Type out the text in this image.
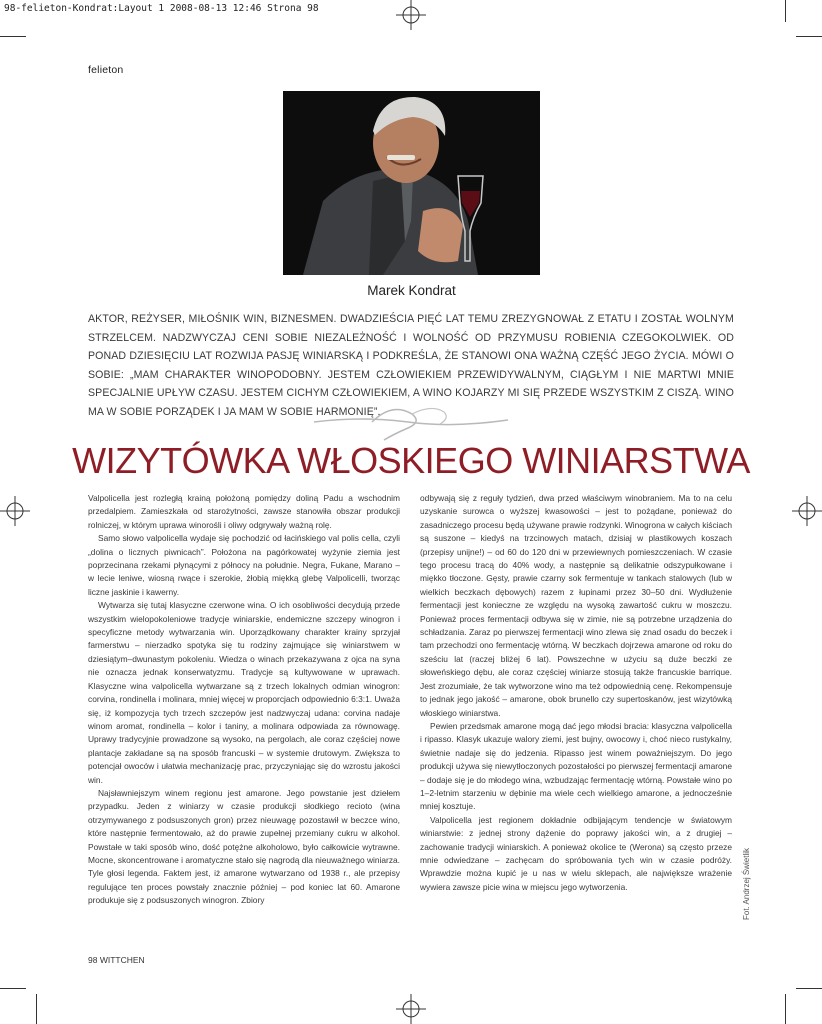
98-felieton-Kondrat:Layout 1 2008-08-13 12:46 Strona 98
felieton
Marek Kondrat
AKTOR, REŻYSER, MIŁOŚNIK WIN, BIZNESMEN. DWADZIEŚCIA PIĘĆ LAT TEMU ZREZYGNOWAŁ Z ETATU I ZOSTAŁ WOLNYM STRZELCEM. NADZWYCZAJ CENI SOBIE NIEZALEŻNOŚĆ I WOLNOŚĆ OD PRZYMUSU ROBIENIA CZEGOKOLWIEK. OD PONAD DZIESIĘCIU LAT ROZWIJA PASJĘ WINIARSKĄ I PODKREŚLA, ŻE STANOWI ONA WAŻNĄ CZĘŚĆ JEGO ŻYCIA. MÓWI O SOBIE: „MAM CHARAKTER WINOPODOBNY. JESTEM CZŁOWIEKIEM PRZEWIDYWALNYM, CIĄGŁYM I NIE MARTWI MNIE SPECJALNIE UPŁYW CZASU. JESTEM CICHYM CZŁOWIEKIEM, A WINO KOJARZY MI SIĘ PRZEDE WSZYSTKIM Z CISZĄ. WINO MA W SOBIE PORZĄDEK I JA MAM W SOBIE HARMONIĘ”.
WIZYTÓWKA WŁOSKIEGO WINIARSTWA

Valpolicella jest rozległą krainą położoną pomiędzy doliną Padu a wschodnim przedalpiem. Zamieszkała od starożytności, zawsze stanowiła obszar produkcji rolniczej, w którym uprawa winorośli i oliwy odgrywały ważną rolę.

Samo słowo valpolicella wydaje się pochodzić od łacińskiego val polis cella, czyli „dolina o licznych piwnicach”. Położona na pagórkowatej wyżynie ziemia jest poprzecinana rzekami płynącymi z północy na południe. Negra, Fukane, Marano – w lecie leniwe, wiosną rwące i szerokie, żłobią miękką glebę Valpolicelli, tworząc liczne jaskinie i kawerny.

Wytwarza się tutaj klasyczne czerwone wina. O ich osobliwości decydują przede wszystkim wielopokoleniowe tradycje winiarskie, endemiczne szczepy winogron i specyficzne metody wytwarzania win. Uporządkowany charakter krainy sprzyjał farmerstwu – nierzadko spotyka się tu rodziny zajmujące się winiarstwem w dziesiątym–dwunastym pokoleniu. Wiedza o winach przekazywana z ojca na syna nie oznacza jednak konserwatyzmu. Tradycje są kultywowane w uprawach. Klasyczne wina valpolicella wytwarzane są z trzech lokalnych odmian winogron: corvina, rondinella i molinara, mniej więcej w proporcjach odpowiednio 6:3:1. Uważa się, iż kompozycja tych trzech szczepów jest nadzwyczaj udana: corvina nadaje winom aromat, rondinella – kolor i taniny, a molinara odpowiada za równowagę. Uprawy tradycyjnie prowadzone są wysoko, na pergolach, ale coraz częściej nowe plantacje zakładane są na sposób francuski – w systemie drutowym. Zwiększa to potencjał owoców i ułatwia mechanizację prac, przyczyniając się do wzrostu jakości win.

Najsławniejszym winem regionu jest amarone. Jego powstanie jest dziełem przypadku. Jeden z winiarzy w czasie produkcji słodkiego recioto (wina otrzymywanego z podsuszonych gron) przez nieuwagę pozostawił w beczce wino, które następnie fermentowało, aż do prawie zupełnej przemiany cukru w alkohol. Powstałe w taki sposób wino, dość potężne alkoholowo, było całkowicie wytrawne. Mocne, skoncentrowane i aromatyczne stało się nagrodą dla nieuważnego winiarza. Tyle głosi legenda. Faktem jest, iż amarone wytwarzano od 1938 r., ale przepisy regulujące ten proces powstały znacznie później – pod koniec lat 60. Amarone produkuje się z podsuszonych winogron. Zbiory

odbywają się z reguły tydzień, dwa przed właściwym winobraniem. Ma to na celu uzyskanie surowca o wyższej kwasowości – jest to pożądane, ponieważ do zasadniczego procesu będą używane prawie rodzynki. Winogrona w całych kiściach są suszone – kiedyś na trzcinowych matach, dzisiaj w plastikowych koszach (przepisy unijne!) – od 60 do 120 dni w przewiewnych pomieszczeniach. W czasie tego procesu tracą do 40% wody, a następnie są delikatnie odszypułkowane i miękko tłoczone. Gęsty, prawie czarny sok fermentuje w tankach stalowych (lub w wielkich beczkach dębowych) razem z łupinami przez 30–50 dni. Wydłużenie fermentacji jest konieczne ze względu na wysoką zawartość cukru w moszczu. Ponieważ proces fermentacji odbywa się w zimie, nie są potrzebne urządzenia do schładzania. Zaraz po pierwszej fermentacji wino zlewa się znad osadu do beczek i tam przechodzi ono fermentację wtórną. W beczkach dojrzewa amarone od roku do sześciu lat (raczej bliżej 6 lat). Powszechne w użyciu są duże beczki ze słoweńskiego dębu, ale coraz częściej winiarze stosują także francuskie barrique. Jest zrozumiałe, że tak wytworzone wino ma też odpowiednią cenę. Rekompensuje to jednak jego jakość – amarone, obok brunello czy supertoskanów, jest wizytówką włoskiego winiarstwa.

Pewien przedsmak amarone mogą dać jego młodsi bracia: klasyczna valpolicella i ripasso. Klasyk ukazuje walory ziemi, jest bujny, owocowy i, choć nieco rustykalny, świetnie nadaje się do jedzenia. Ripasso jest winem poważniejszym. Do jego produkcji używa się niewytłoczonych pozostałości po pierwszej fermentacji amarone – dodaje się je do młodego wina, wzbudzając fermentację wtórną. Powstałe wino po 1–2-letnim starzeniu w dębinie ma wiele cech wielkiego amarone, a jednocześnie mniej kosztuje.

Valpolicella jest regionem dokładnie odbijającym tendencje w światowym winiarstwie: z jednej strony dążenie do poprawy jakości win, a z drugiej – zachowanie tradycji winiarskich. A ponieważ okolice te (Werona) są często przeze mnie odwiedzane – zachęcam do spróbowania tych win w czasie podróży. Wprawdzie można kupić je u nas w wielu sklepach, ale największe wrażenie wywiera zawsze picie wina w miejscu jego wytworzenia.	Fot. Andrzej Świetlik
98 WITTCHEN
